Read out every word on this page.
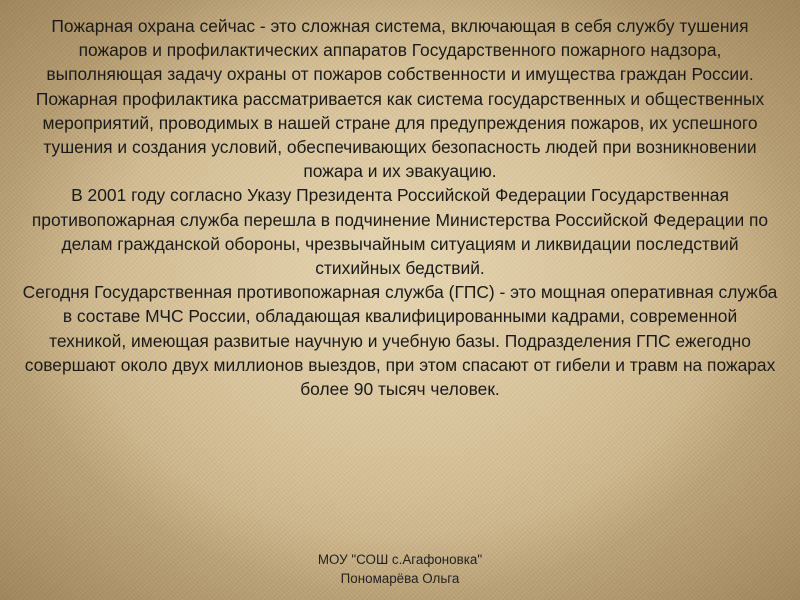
Пожарная охрана сейчас - это сложная система, включающая в себя службу тушения пожаров и профилактических аппаратов Государственного пожарного надзора, выполняющая задачу охраны от пожаров собственности и имущества граждан России.

Пожарная профилактика рассматривается как система государственных и общественных мероприятий, проводимых в нашей стране для предупреждения пожаров, их успешного тушения и создания условий, обеспечивающих безопасность людей при возникновении пожара и их эвакуацию.

В 2001 году согласно Указу Президента Российской Федерации Государственная противопожарная служба перешла в подчинение Министерства Российской Федерации по делам гражданской обороны, чрезвычайным ситуациям и ликвидации последствий стихийных бедствий.

Сегодня Государственная противопожарная служба (ГПС) - это мощная оперативная служба в составе МЧС России, обладающая квалифицированными кадрами, современной техникой, имеющая развитые научную и учебную базы. Подразделения ГПС ежегодно совершают около двух миллионов выездов, при этом спасают от гибели и травм на пожарах более 90 тысяч человек.

МОУ "СОШ с.Агафоновка"
Пономарёва Ольга
